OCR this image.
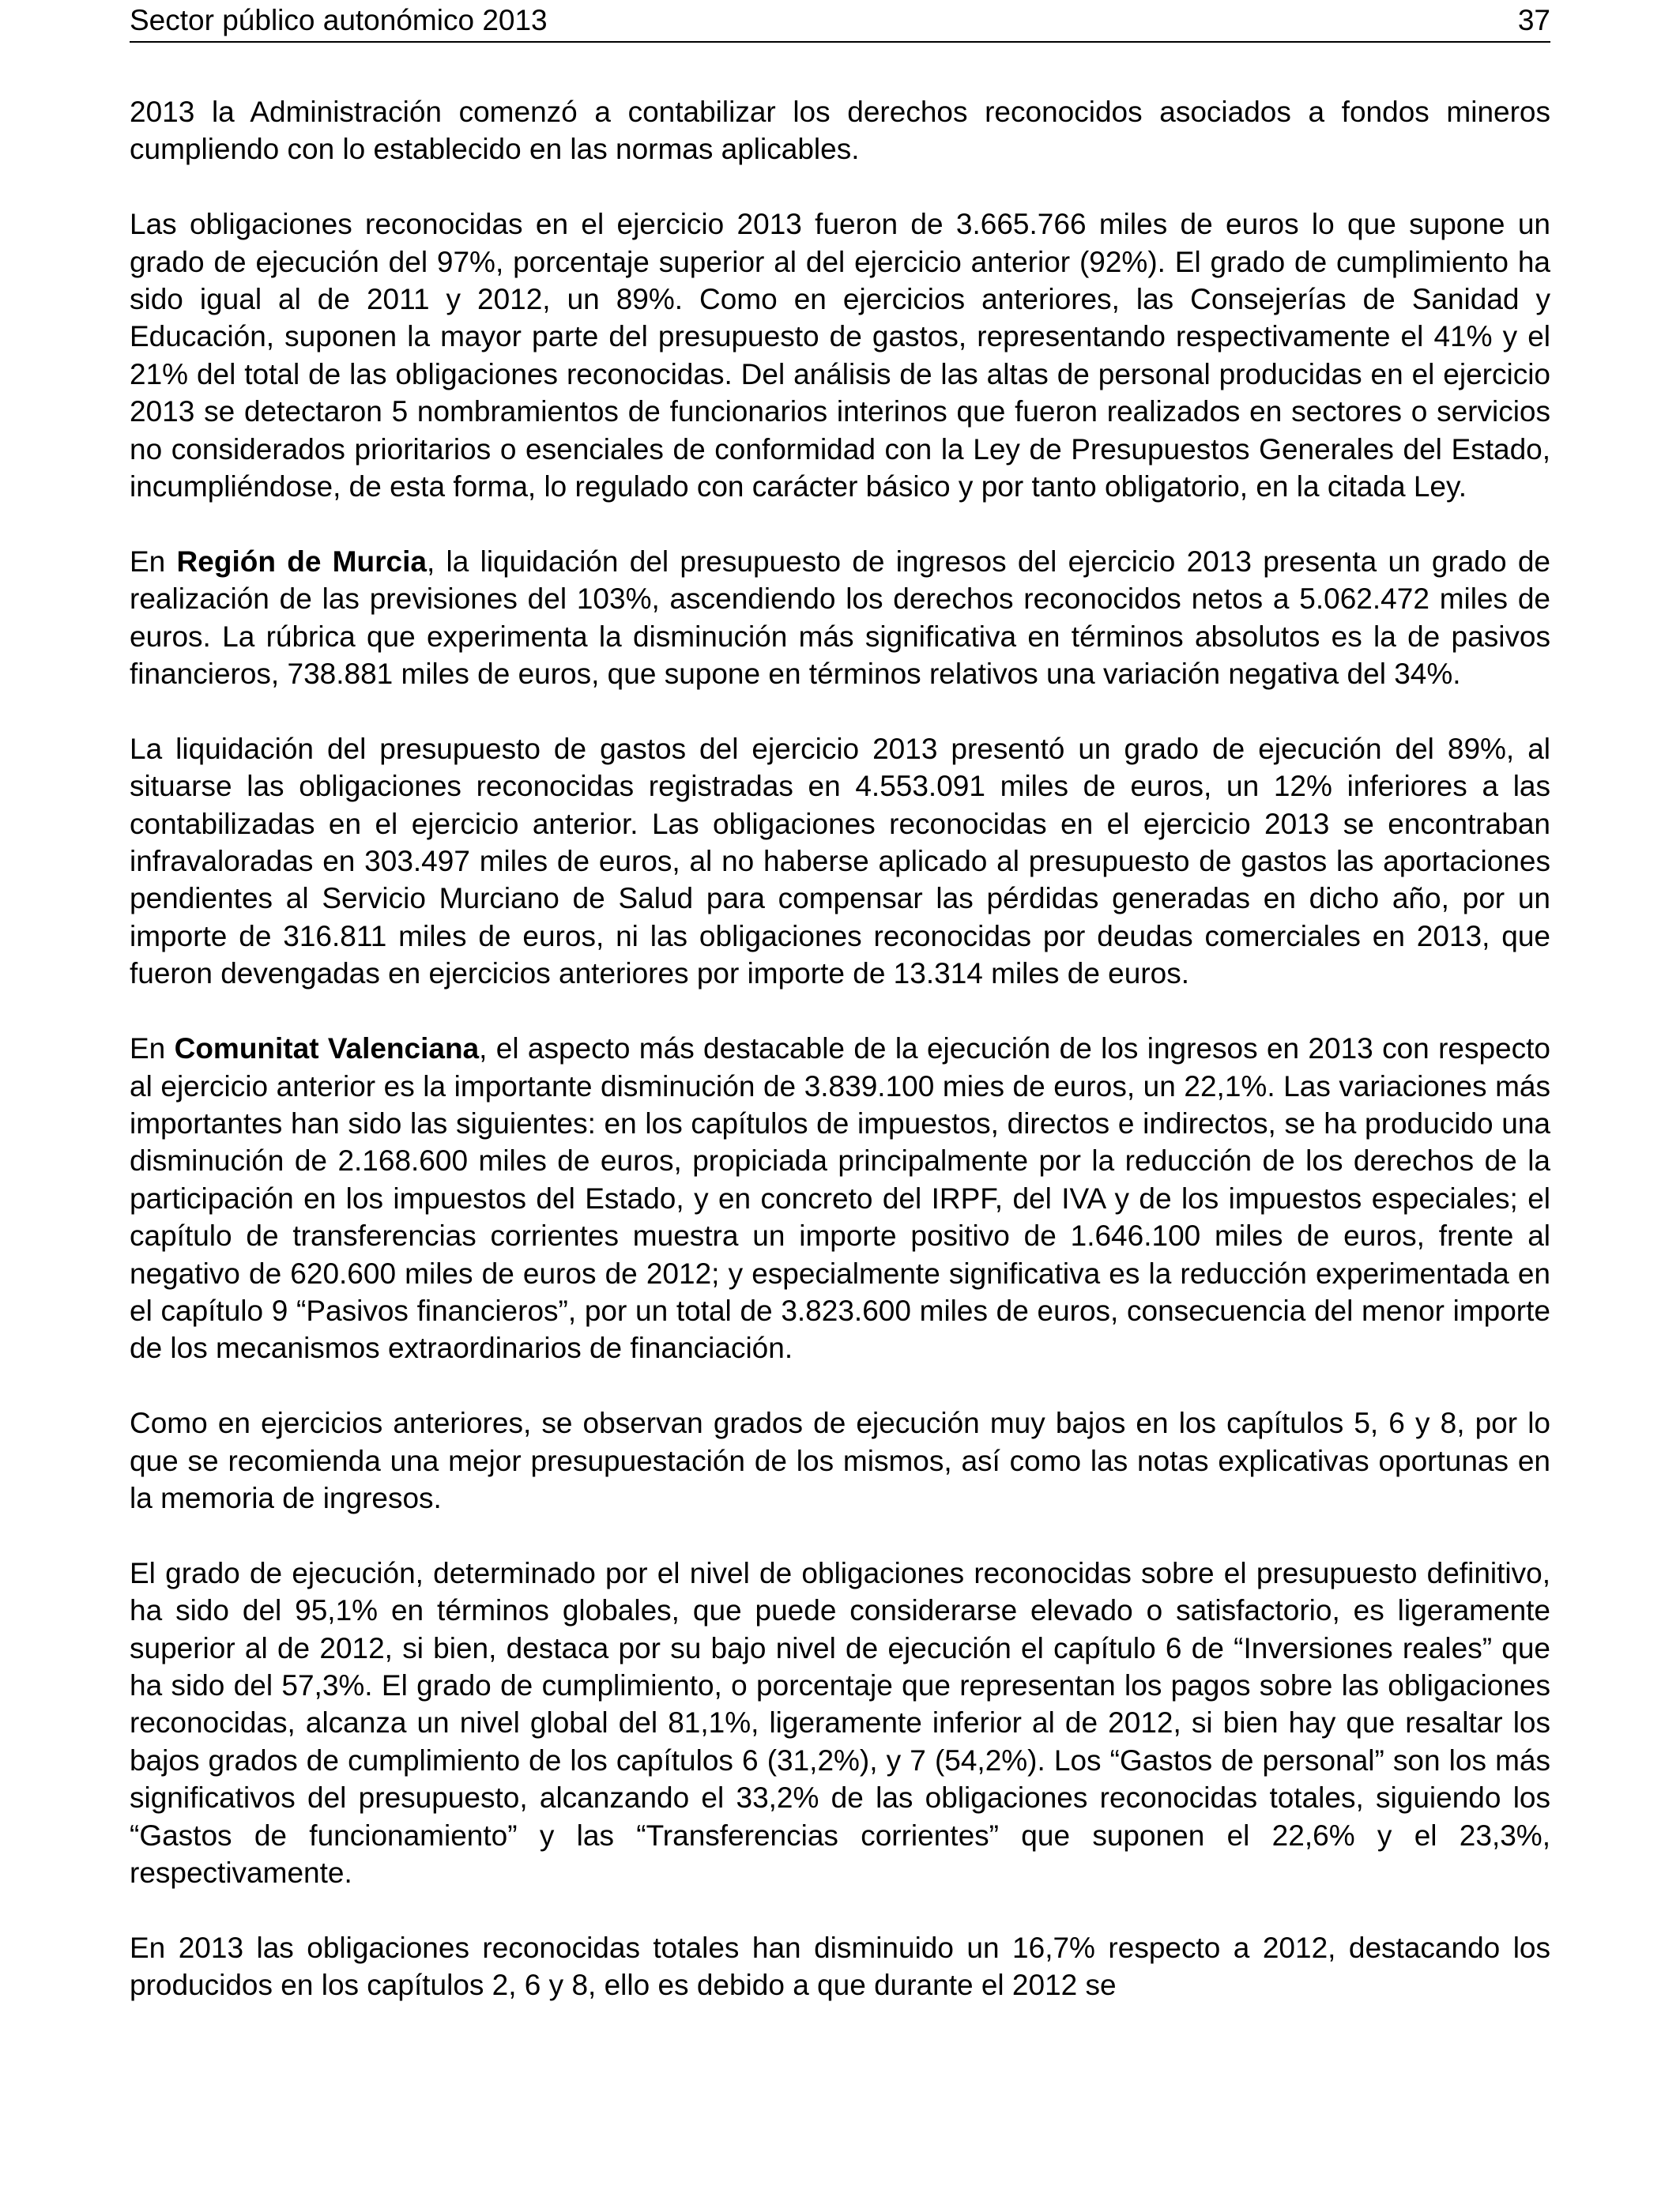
Sector público autonómico 2013	37

2013 la Administración comenzó a contabilizar los derechos reconocidos asociados a fondos mineros cumpliendo con lo establecido en las normas aplicables.

Las obligaciones reconocidas en el ejercicio 2013 fueron de 3.665.766 miles de euros lo que supone un grado de ejecución del 97%, porcentaje superior al del ejercicio anterior (92%). El grado de cumplimiento ha sido igual al de 2011 y 2012, un 89%. Como en ejercicios anteriores, las Consejerías de Sanidad y Educación, suponen la mayor parte del presupuesto de gastos, representando respectivamente el 41% y el 21% del total de las obligaciones reconocidas. Del análisis de las altas de personal producidas en el ejercicio 2013 se detectaron 5 nombramientos de funcionarios interinos que fueron realizados en sectores o servicios no considerados prioritarios o esenciales de conformidad con la Ley de Presupuestos Generales del Estado, incumpliéndose, de esta forma, lo regulado con carácter básico y por tanto obligatorio, en la citada Ley.

En Región de Murcia, la liquidación del presupuesto de ingresos del ejercicio 2013 presenta un grado de realización de las previsiones del 103%, ascendiendo los derechos reconocidos netos a 5.062.472 miles de euros. La rúbrica que experimenta la disminución más significativa en términos absolutos es la de pasivos financieros, 738.881 miles de euros, que supone en términos relativos una variación negativa del 34%.

La liquidación del presupuesto de gastos del ejercicio 2013 presentó un grado de ejecución del 89%, al situarse las obligaciones reconocidas registradas en 4.553.091 miles de euros, un 12% inferiores a las contabilizadas en el ejercicio anterior. Las obligaciones reconocidas en el ejercicio 2013 se encontraban infravaloradas en 303.497 miles de euros, al no haberse aplicado al presupuesto de gastos las aportaciones pendientes al Servicio Murciano de Salud para compensar las pérdidas generadas en dicho año, por un importe de 316.811 miles de euros, ni las obligaciones reconocidas por deudas comerciales en 2013, que fueron devengadas en ejercicios anteriores por importe de 13.314 miles de euros.

En Comunitat Valenciana, el aspecto más destacable de la ejecución de los ingresos en 2013 con respecto al ejercicio anterior es la importante disminución de 3.839.100 mies de euros, un 22,1%. Las variaciones más importantes han sido las siguientes: en los capítulos de impuestos, directos e indirectos, se ha producido una disminución de 2.168.600 miles de euros, propiciada principalmente por la reducción de los derechos de la participación en los impuestos del Estado, y en concreto del IRPF, del IVA y de los impuestos especiales; el capítulo de transferencias corrientes muestra un importe positivo de 1.646.100 miles de euros, frente al negativo de 620.600 miles de euros de 2012; y especialmente significativa es la reducción experimentada en el capítulo 9 “Pasivos financieros”, por un total de 3.823.600 miles de euros, consecuencia del menor importe de los mecanismos extraordinarios de financiación.

Como en ejercicios anteriores, se observan grados de ejecución muy bajos en los capítulos 5, 6 y 8, por lo que se recomienda una mejor presupuestación de los mismos, así como las notas explicativas oportunas en la memoria de ingresos.

El grado de ejecución, determinado por el nivel de obligaciones reconocidas sobre el presupuesto definitivo, ha sido del 95,1% en términos globales, que puede considerarse elevado o satisfactorio, es ligeramente superior al de 2012, si bien, destaca por su bajo nivel de ejecución el capítulo 6 de “Inversiones reales” que ha sido del 57,3%. El grado de cumplimiento, o porcentaje que representan los pagos sobre las obligaciones reconocidas, alcanza un nivel global del 81,1%, ligeramente inferior al de 2012, si bien hay que resaltar los bajos grados de cumplimiento de los capítulos 6 (31,2%), y 7 (54,2%). Los “Gastos de personal” son los más significativos del presupuesto, alcanzando el 33,2% de las obligaciones reconocidas totales, siguiendo los “Gastos de funcionamiento” y las “Transferencias corrientes” que suponen el 22,6% y el 23,3%, respectivamente.

En 2013 las obligaciones reconocidas totales han disminuido un 16,7% respecto a 2012, destacando los producidos en los capítulos 2, 6 y 8, ello es debido a que durante el 2012 se
